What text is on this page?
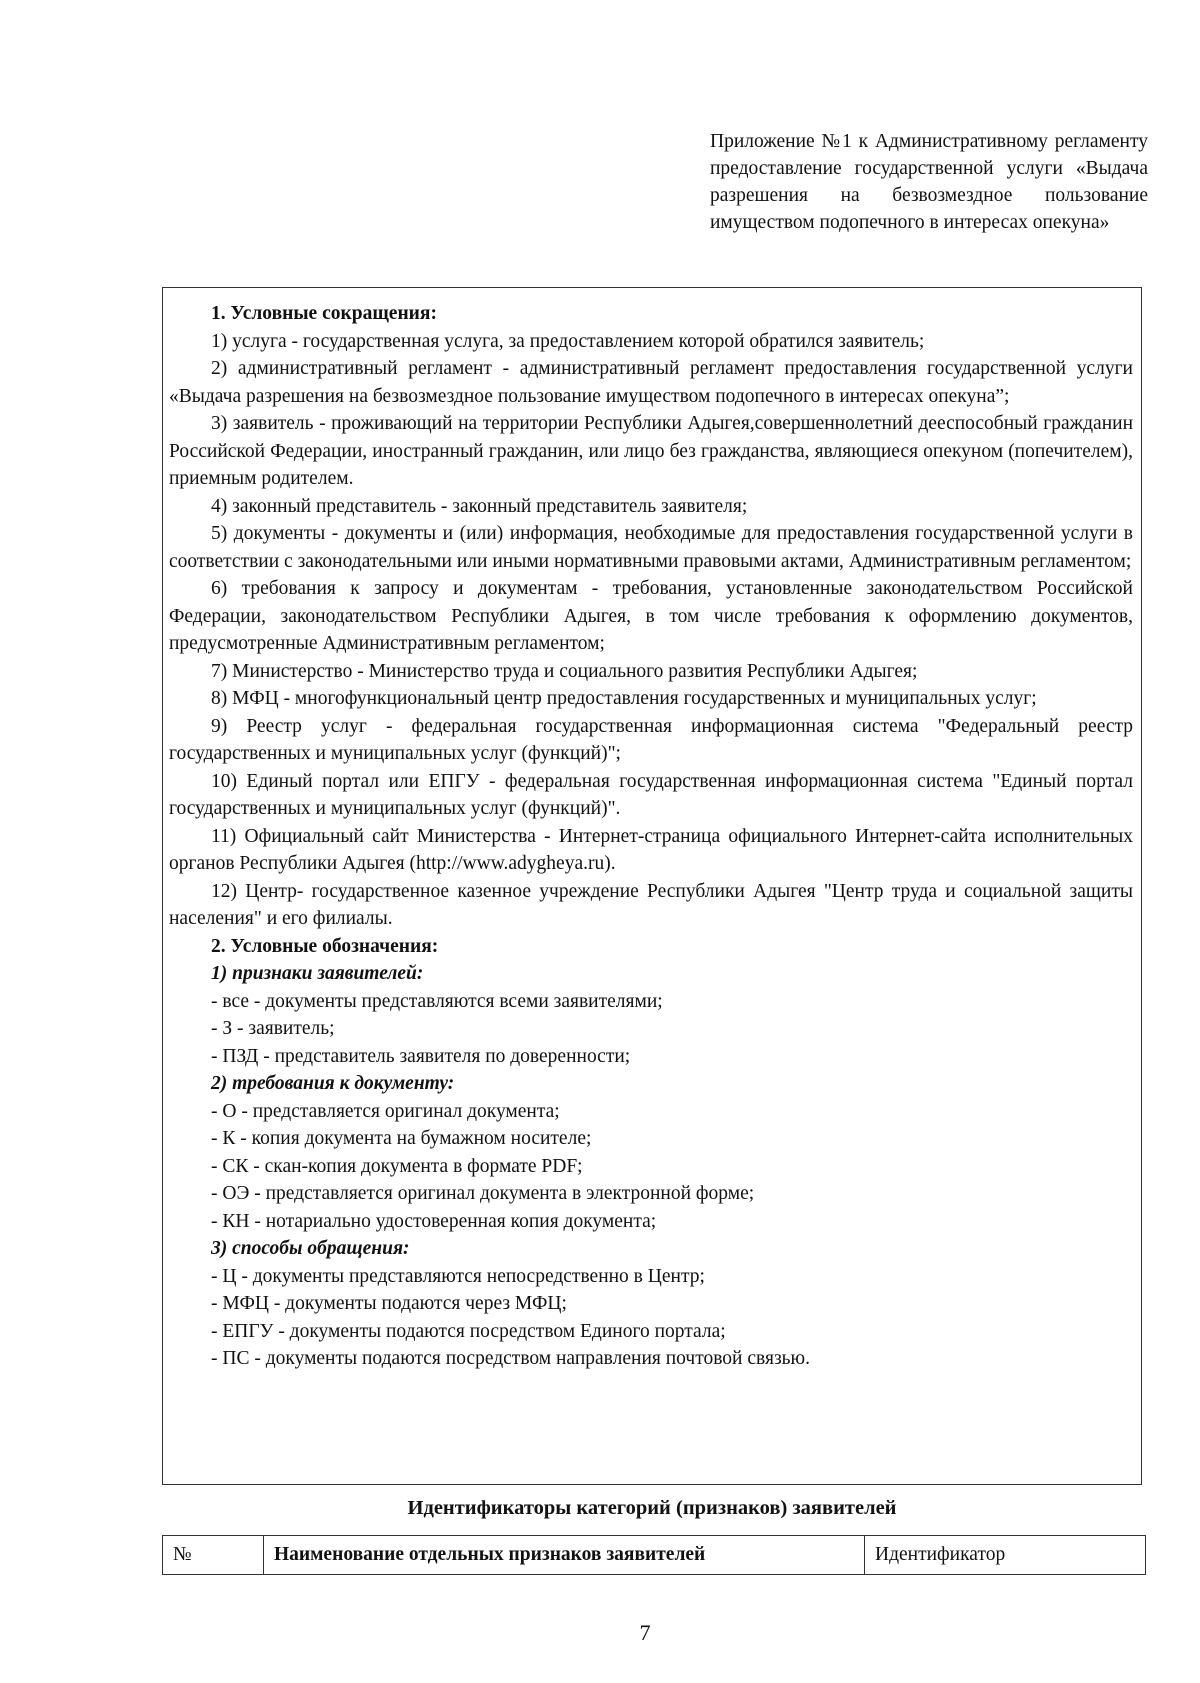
Приложение №1 к Административному регламенту предоставление государственной услуги «Выдача разрешения на безвозмездное пользование имуществом подопечного в интересах опекуна»

1. Условные сокращения:

1) услуга - государственная услуга, за предоставлением которой обратился заявитель;

2) административный регламент - административный регламент предоставления государственной услуги «Выдача разрешения на безвозмездное пользование имуществом подопечного в интересах опекуна”;

3) заявитель - проживающий на территории Республики Адыгея,совершеннолетний дееспособный гражданин Российской Федерации, иностранный гражданин, или лицо без гражданства, являющиеся опекуном (попечителем), приемным родителем.

4) законный представитель - законный представитель заявителя;

5) документы - документы и (или) информация, необходимые для предоставления государственной услуги в соответствии с законодательными или иными нормативными правовыми актами, Административным регламентом;

6) требования к запросу и документам - требования, установленные законодательством Российской Федерации, законодательством Республики Адыгея, в том числе требования к оформлению документов, предусмотренные Административным регламентом;

7) Министерство - Министерство труда и социального развития Республики Адыгея;

8) МФЦ - многофункциональный центр предоставления государственных и муниципальных услуг;

9) Реестр услуг - федеральная государственная информационная система "Федеральный реестр государственных и муниципальных услуг (функций)";

10) Единый портал или ЕПГУ - федеральная государственная информационная система "Единый портал государственных и муниципальных услуг (функций)".

11) Официальный сайт Министерства - Интернет-страница официального Интернет-сайта исполнительных органов Республики Адыгея (http://www.adygheya.ru).

12) Центр- государственное казенное учреждение Республики Адыгея "Центр труда и социальной защиты населения" и его филиалы.

2. Условные обозначения:

1) признаки заявителей:

- все - документы представляются всеми заявителями;

- З - заявитель;

- ПЗД - представитель заявителя по доверенности;

2) требования к документу:

- О - представляется оригинал документа;

- К - копия документа на бумажном носителе;

- СК - скан-копия документа в формате PDF;

- ОЭ - представляется оригинал документа в электронной форме;

- КН - нотариально удостоверенная копия документа;

3) способы обращения:

- Ц - документы представляются непосредственно в Центр;

- МФЦ - документы подаются через МФЦ;

- ЕПГУ - документы подаются посредством Единого портала;

- ПС - документы подаются посредством направления почтовой связью.

Идентификаторы категорий (признаков) заявителей
№	Наименование отдельных признаков заявителей	Идентификатор
7
